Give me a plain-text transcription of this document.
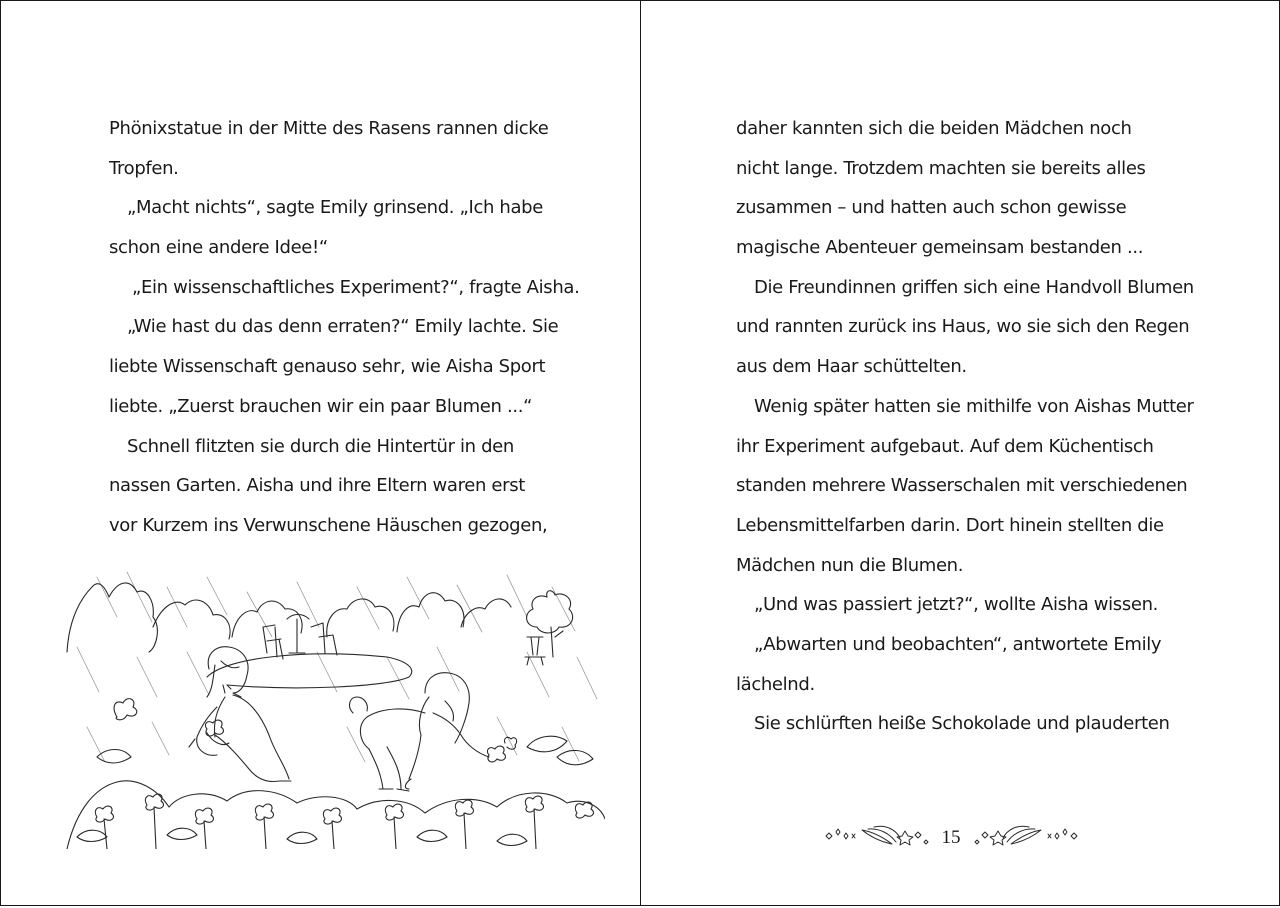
Phönixstatue in der Mitte des Rasens rannen dicke
Tropfen.
„Macht nichts“, sagte Emily grinsend. „Ich habe
schon eine andere Idee!“
„Ein wissenschaftliches Experiment?“, fragte Aisha.
„Wie hast du das denn erraten?“ Emily lachte. Sie
liebte Wissenschaft genauso sehr, wie Aisha Sport
liebte. „Zuerst brauchen wir ein paar Blumen ...“
Schnell flitzten sie durch die Hintertür in den
nassen Garten. Aisha und ihre Eltern waren erst
vor Kurzem ins Verwunschene Häuschen gezogen,
daher kannten sich die beiden Mädchen noch
nicht lange. Trotzdem machten sie bereits alles
zusammen – und hatten auch schon gewisse
magische Abenteuer gemeinsam bestanden ...
Die Freundinnen griffen sich eine Handvoll Blumen
und rannten zurück ins Haus, wo sie sich den Regen
aus dem Haar schüttelten.
Wenig später hatten sie mithilfe von Aishas Mutter
ihr Experiment aufgebaut. Auf dem Küchentisch
standen mehrere Wasserschalen mit verschiedenen
Lebensmittelfarben darin. Dort hinein stellten die
Mädchen nun die Blumen.
„Und was passiert jetzt?“, wollte Aisha wissen.
„Abwarten und beobachten“, antwortete Emily
lächelnd.
Sie schlürften heiße Schokolade und plauderten
15
